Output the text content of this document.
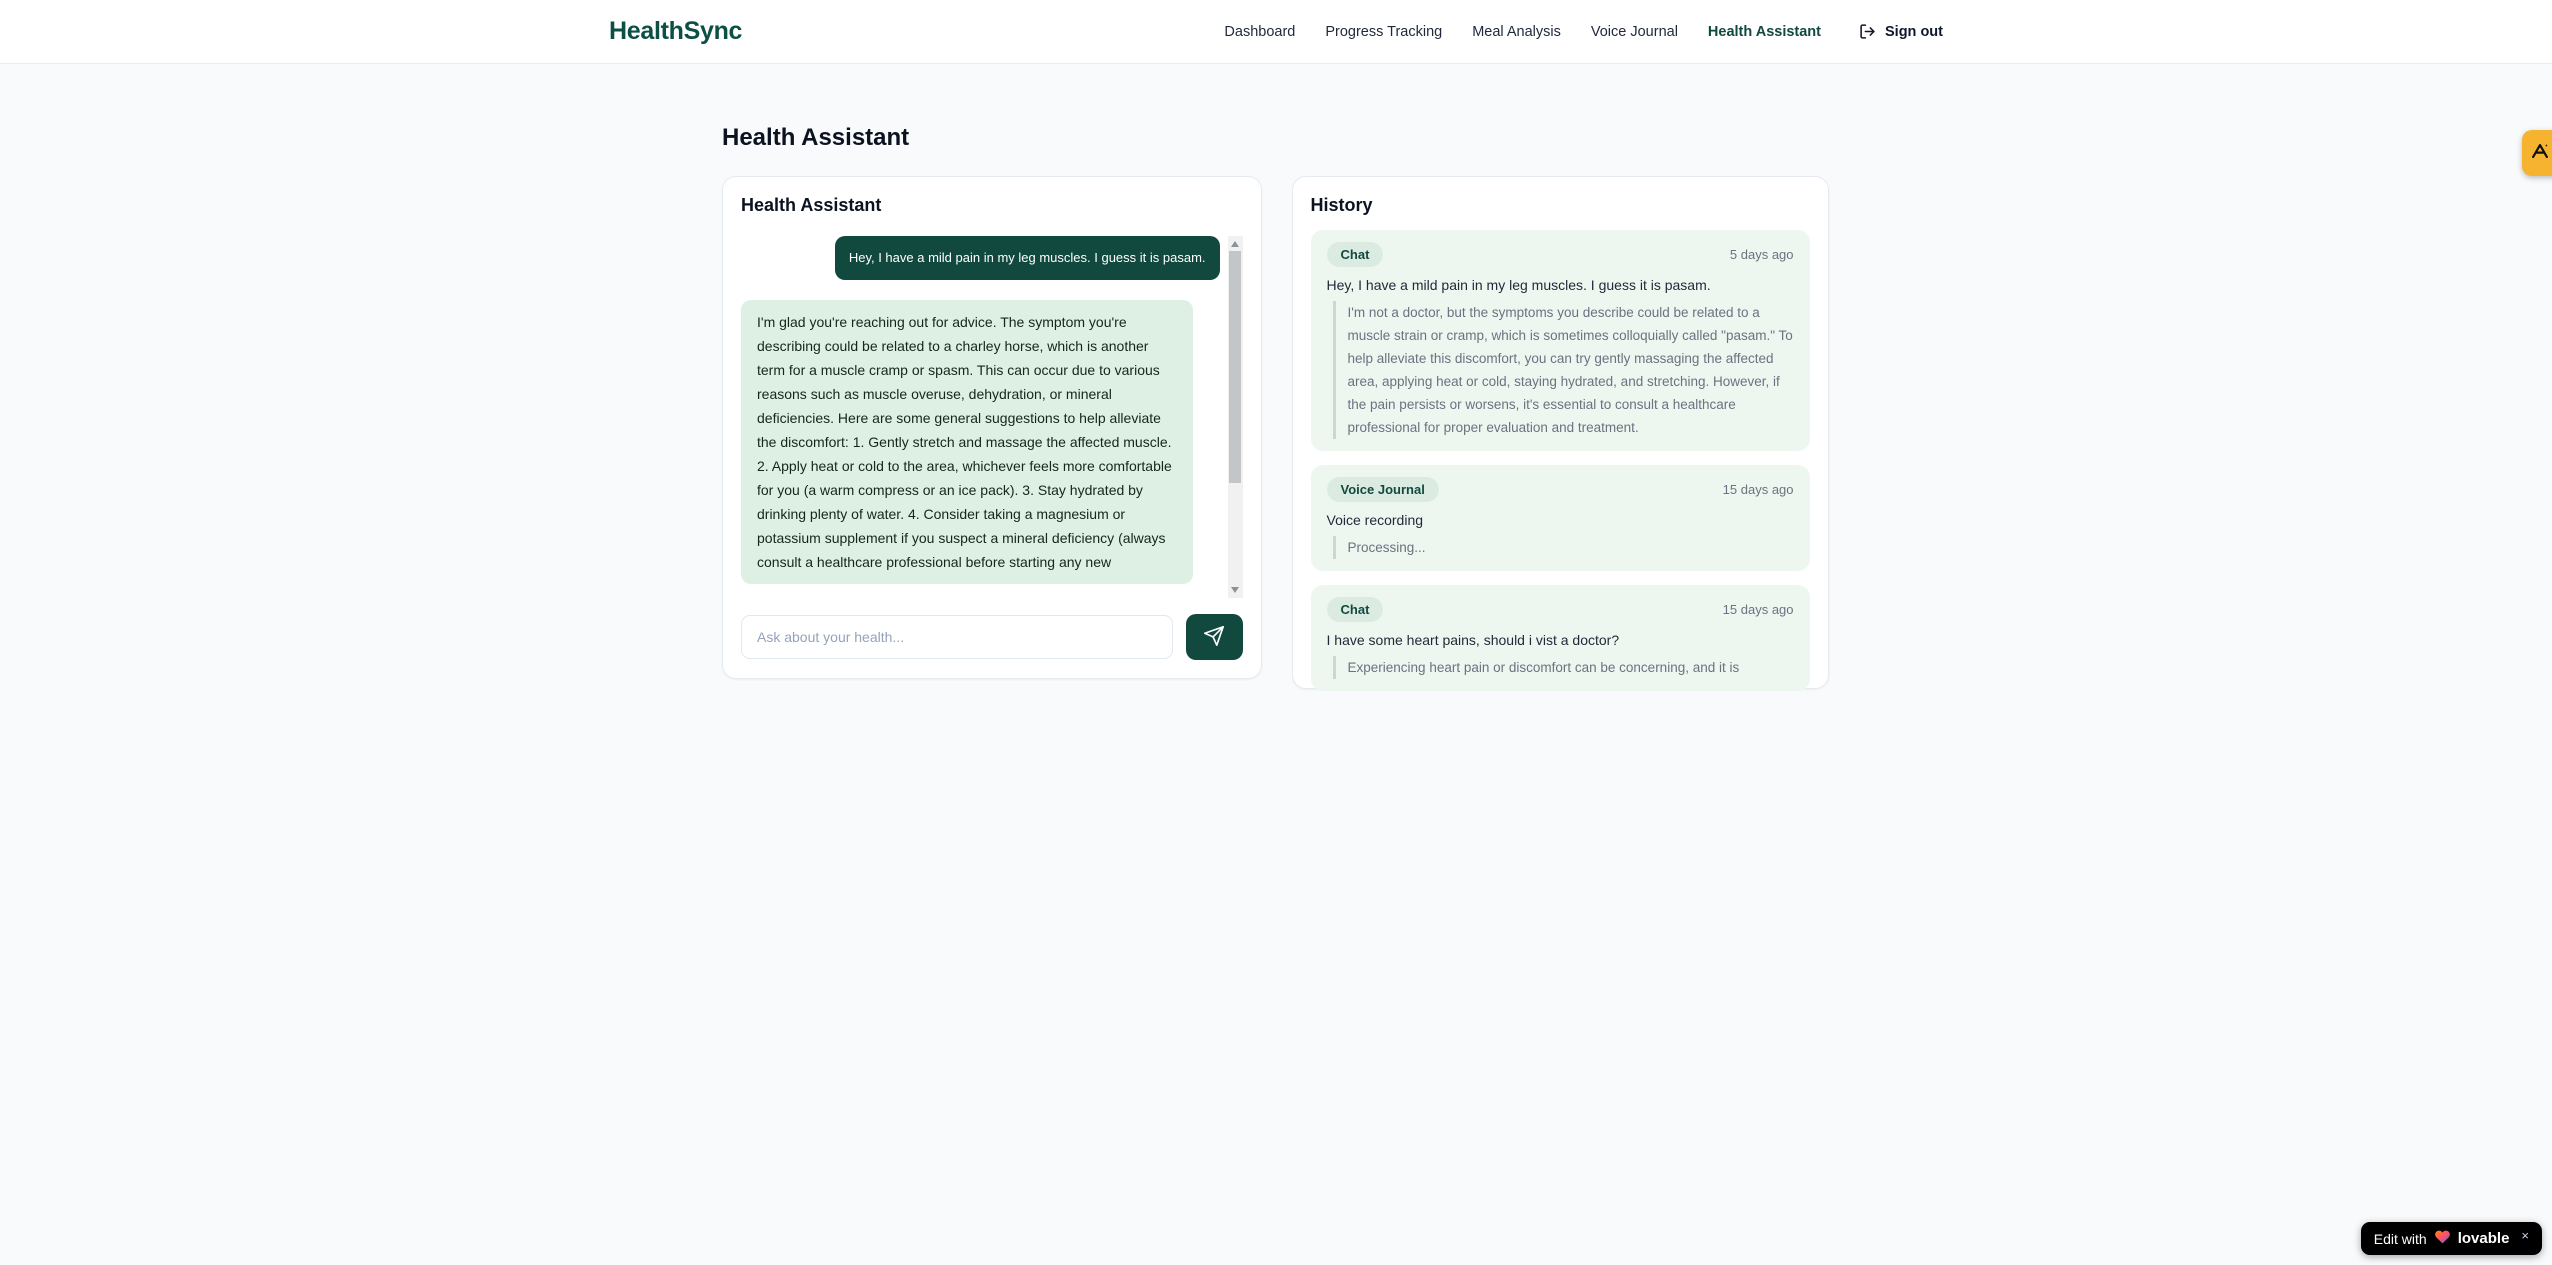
HealthSync	Dashboard Progress Tracking Meal Analysis Voice Journal Health Assistant	Sign out
Health Assistant
Health Assistant
Hey, I have a mild pain in my leg muscles. I guess it is pasam.
I'm glad you're reaching out for advice. The symptom you're describing could be related to a charley horse, which is another term for a muscle cramp or spasm. This can occur due to various reasons such as muscle overuse, dehydration, or mineral deficiencies. Here are some general suggestions to help alleviate the discomfort: 1. Gently stretch and massage the affected muscle. 2. Apply heat or cold to the area, whichever feels more comfortable for you (a warm compress or an ice pack). 3. Stay hydrated by drinking plenty of water. 4. Consider taking a magnesium or potassium supplement if you suspect a mineral deficiency (always consult a healthcare professional before starting any new
Ask about your health...
History
Chat	5 days ago
Hey, I have a mild pain in my leg muscles. I guess it is pasam.
I'm not a doctor, but the symptoms you describe could be related to a muscle strain or cramp, which is sometimes colloquially called "pasam." To help alleviate this discomfort, you can try gently massaging the affected area, applying heat or cold, staying hydrated, and stretching. However, if the pain persists or worsens, it's essential to consult a healthcare professional for proper evaluation and treatment.
Voice Journal	15 days ago
Voice recording
Processing...
Chat	15 days ago
I have some heart pains, should i vist a doctor?
Experiencing heart pain or discomfort can be concerning, and it is
Edit with lovable ×
